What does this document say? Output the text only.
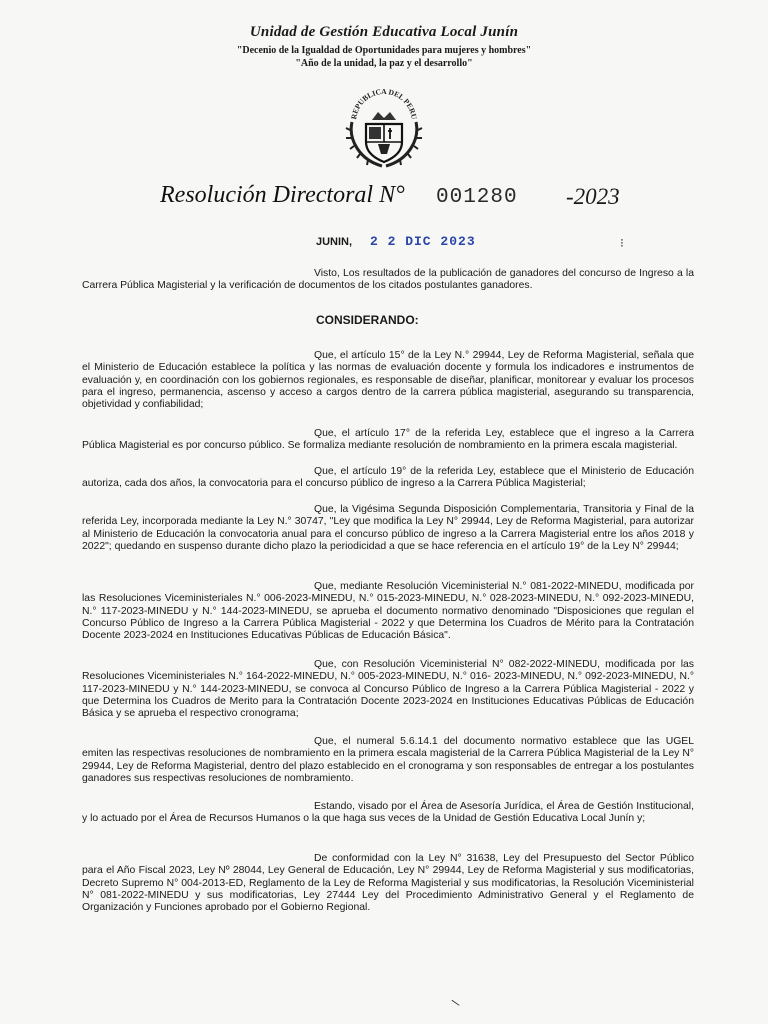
Unidad de Gestión Educativa Local Junín
"Decenio de la Igualdad de Oportunidades para mujeres y hombres"
"Año de la unidad, la paz y el desarrollo"
REPUBLICA DEL PERU
Resolución Directoral N°	001280 -2023
JUNIN, 2 2 DIC 2023

Visto, Los resultados de la publicación de ganadores del concurso de Ingreso a la Carrera Pública Magisterial y la verificación de documentos de los citados postulantes ganadores.

CONSIDERANDO:

Que, el artículo 15° de la Ley N.° 29944, Ley de Reforma Magisterial, señala que el Ministerio de Educación establece la política y las normas de evaluación docente y formula los indicadores e instrumentos de evaluación y, en coordinación con los gobiernos regionales, es responsable de diseñar, planificar, monitorear y evaluar los procesos para el ingreso, permanencia, ascenso y acceso a cargos dentro de la carrera pública magisterial, asegurando su transparencia, objetividad y confiabilidad;

Que, el artículo 17° de la referida Ley, establece que el ingreso a la Carrera Pública Magisterial es por concurso público. Se formaliza mediante resolución de nombramiento en la primera escala magisterial.

Que, el artículo 19° de la referida Ley, establece que el Ministerio de Educación autoriza, cada dos años, la convocatoria para el concurso público de ingreso a la Carrera Pública Magisterial;

Que, la Vigésima Segunda Disposición Complementaria, Transitoria y Final de la referida Ley, incorporada mediante la Ley N.° 30747, "Ley que modifica la Ley N° 29944, Ley de Reforma Magisterial, para autorizar al Ministerio de Educación la convocatoria anual para el concurso público de ingreso a la Carrera Magisterial entre los años 2018 y 2022"; quedando en suspenso durante dicho plazo la periodicidad a que se hace referencia en el artículo 19° de la Ley N° 29944;

Que, mediante Resolución Viceministerial N.° 081-2022-MINEDU, modificada por las Resoluciones Viceministeriales N.° 006-2023-MINEDU, N.° 015-2023-MINEDU, N.° 028-2023-MINEDU, N.° 092-2023-MINEDU, N.° 117-2023-MINEDU y N.° 144-2023-MINEDU, se aprueba el documento normativo denominado "Disposiciones que regulan el Concurso Público de Ingreso a la Carrera Pública Magisterial - 2022 y que Determina los Cuadros de Mérito para la Contratación Docente 2023-2024 en Instituciones Educativas Públicas de Educación Básica".

Que, con Resolución Viceministerial N° 082-2022-MINEDU, modificada por las Resoluciones Viceministeriales N.° 164-2022-MINEDU, N.° 005-2023-MINEDU, N.° 016- 2023-MINEDU, N.° 092-2023-MINEDU, N.° 117-2023-MINEDU y N.° 144-2023-MINEDU, se convoca al Concurso Público de Ingreso a la Carrera Pública Magisterial - 2022 y que Determina los Cuadros de Merito para la Contratación Docente 2023-2024 en Instituciones Educativas Públicas de Educación Básica y se aprueba el respectivo cronograma;

Que, el numeral 5.6.14.1 del documento normativo establece que las UGEL emiten las respectivas resoluciones de nombramiento en la primera escala magisterial de la Carrera Pública Magisterial de la Ley N° 29944, Ley de Reforma Magisterial, dentro del plazo establecido en el cronograma y son responsables de entregar a los postulantes ganadores sus respectivas resoluciones de nombramiento.

Estando, visado por el Área de Asesoría Jurídica, el Área de Gestión Institucional, y lo actuado por el Área de Recursos Humanos o la que haga sus veces de la Unidad de Gestión Educativa Local Junín y;

De conformidad con la Ley N° 31638, Ley del Presupuesto del Sector Público para el Año Fiscal 2023, Ley Nº 28044, Ley General de Educación, Ley N° 29944, Ley de Reforma Magisterial y sus modificatorias, Decreto Supremo N° 004-2013-ED, Reglamento de la Ley de Reforma Magisterial y sus modificatorias, la Resolución Viceministerial N° 081-2022-MINEDU y sus modificatorias, Ley 27444 Ley del Procedimiento Administrativo General y el Reglamento de Organización y Funciones aprobado por el Gobierno Regional.

⁝
\
